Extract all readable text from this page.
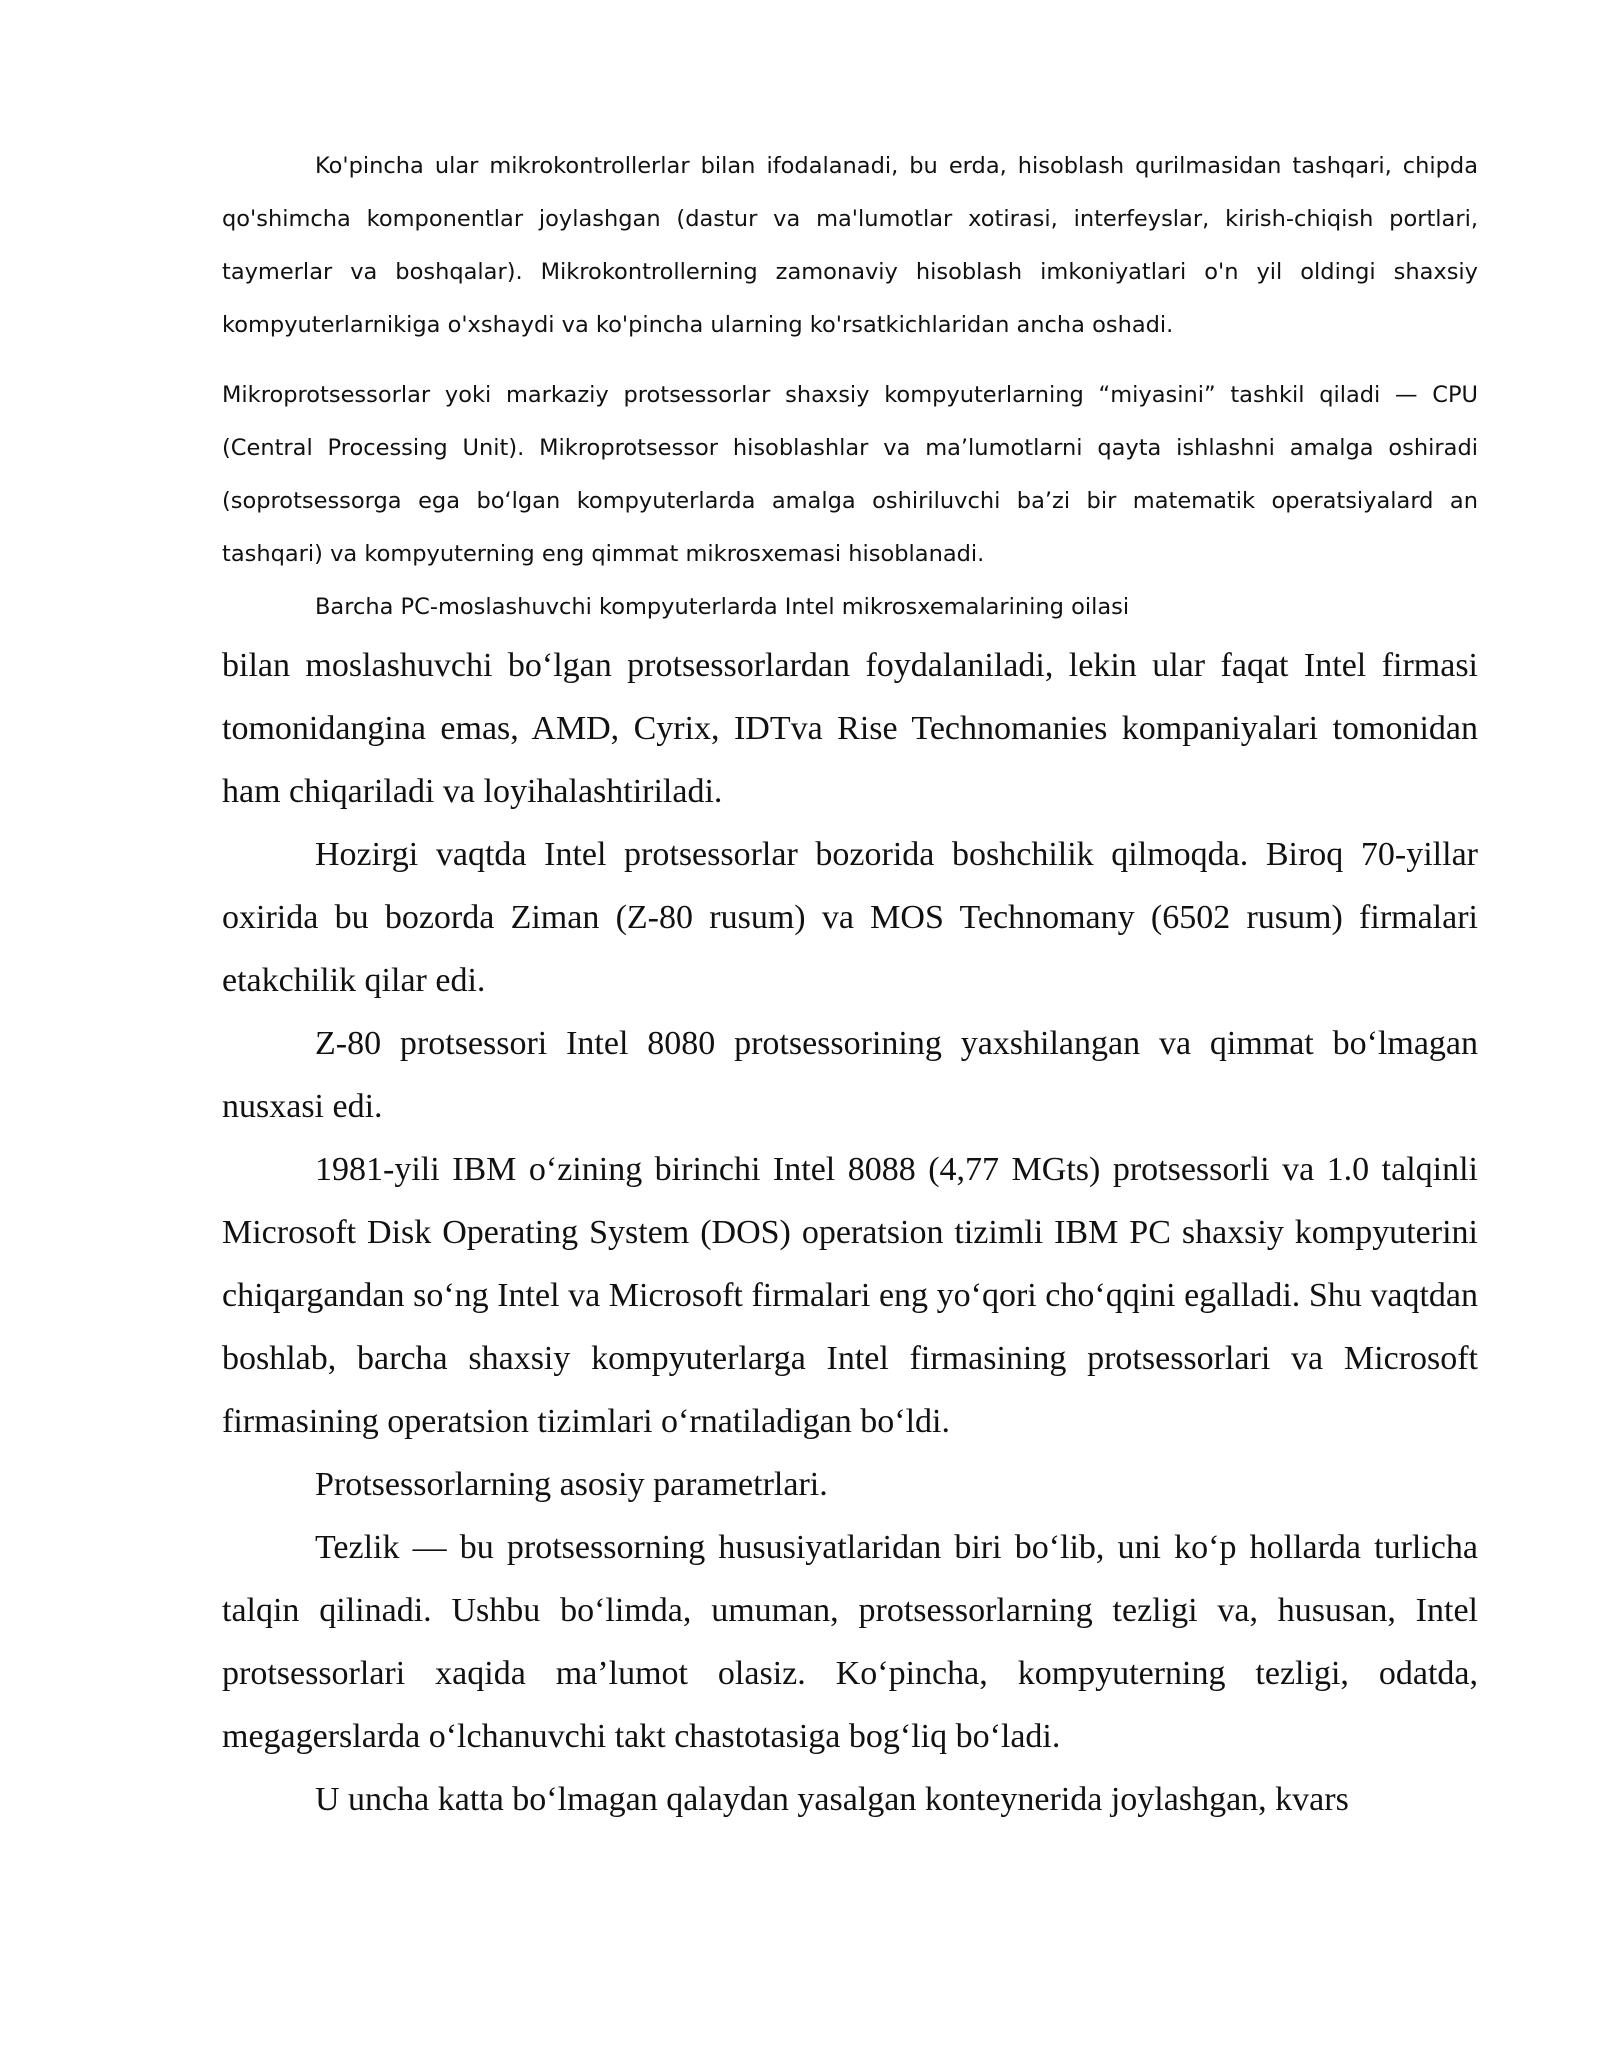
Ko'pincha ular mikrokontrollerlar bilan ifodalanadi, bu erda, hisoblash qurilmasidan tashqari, chipda qo'shimcha komponentlar joylashgan (dastur va ma'lumotlar xotirasi, interfeyslar, kirish-chiqish portlari, taymerlar va boshqalar). Mikrokontrollerning zamonaviy hisoblash imkoniyatlari o'n yil oldingi shaxsiy kompyuterlarnikiga o'xshaydi va ko'pincha ularning ko'rsatkichlaridan ancha oshadi.

Mikroprotsessorlar yoki markaziy protsessorlar shaxsiy kompyuterlarning “miyasini” tashkil qiladi — CPU (Central Processing Unit). Mikroprotsessor hisoblashlar va ma’lumotlarni qayta ishlashni amalga oshiradi (soprotsessorga ega bo‘lgan kompyuterlarda amalga oshiriluvchi ba’zi bir matematik operatsiyalard an tashqari) va kompyuterning eng qimmat mikrosxemasi hisoblanadi.

Barcha PC-moslashuvchi kompyuterlarda Intel mikrosxemalarining oilasi

bilan moslashuvchi bo‘lgan protsessorlardan foydalaniladi, lekin ular faqat Intel firmasi tomonidangina emas, AMD, Cyrix, IDTva Rise Technomanies kompaniyalari tomonidan ham chiqariladi va loyihalashtiriladi.

Hozirgi vaqtda Intel protsessorlar bozorida boshchilik qilmoqda. Biroq 70-yillar oxirida bu bozorda Ziman (Z-80 rusum) va MOS Technomany (6502 rusum) firmalari etakchilik qilar edi.

Z-80 protsessori Intel 8080 protsessorining yaxshilangan va qimmat bo‘lmagan nusxasi edi.

1981-yili IBM o‘zining birinchi Intel 8088 (4,77 MGts) protsessorli va 1.0 talqinli Microsoft Disk Operating System (DOS) operatsion tizimli IBM PC shaxsiy kompyuterini chiqargandan so‘ng Intel va Microsoft firmalari eng yo‘qori cho‘qqini egalladi. Shu vaqtdan boshlab, barcha shaxsiy kompyuterlarga Intel firmasining protsessorlari va Microsoft firmasining operatsion tizimlari o‘rnatiladigan bo‘ldi.

Protsessorlarning asosiy parametrlari.

Tezlik — bu protsessorning hususiyatlaridan biri bo‘lib, uni ko‘p hollarda turlicha talqin qilinadi. Ushbu bo‘limda, umuman, protsessorlarning tezligi va, hususan, Intel protsessorlari xaqida ma’lumot olasiz. Ko‘pincha, kompyuterning tezligi, odatda, megagerslarda o‘lchanuvchi takt chastotasiga bog‘liq bo‘ladi.

U uncha katta bo‘lmagan qalaydan yasalgan konteynerida joylashgan, kvars
